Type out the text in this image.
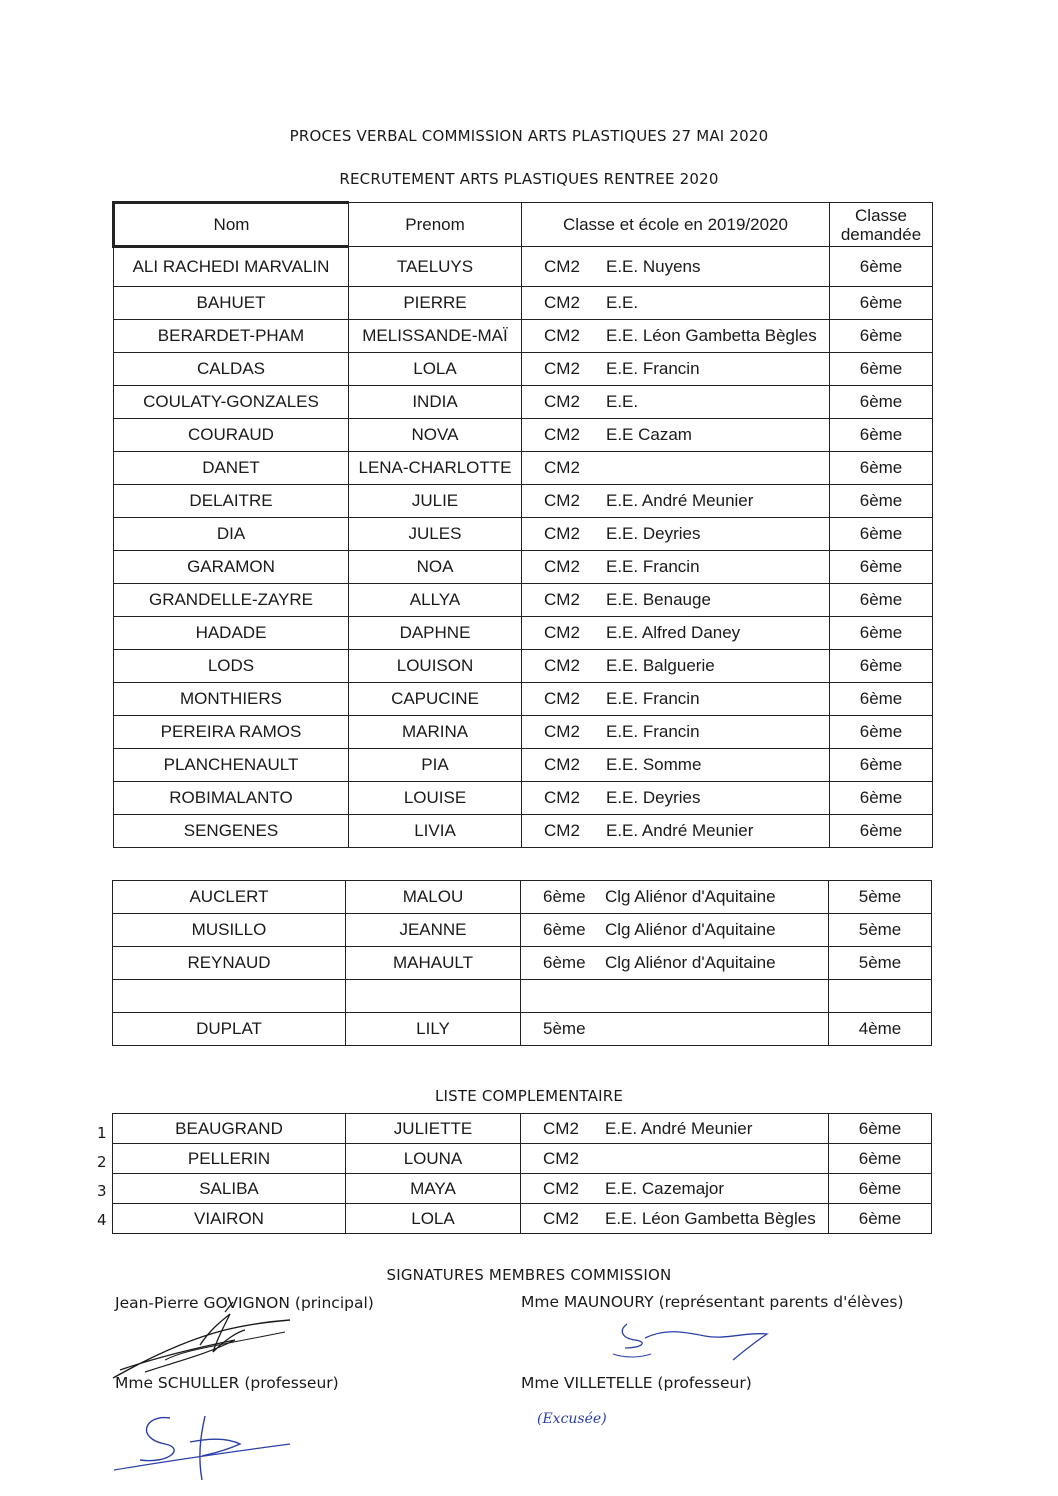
PROCES VERBAL COMMISSION ARTS PLASTIQUES 27 MAI 2020
RECRUTEMENT ARTS PLASTIQUES RENTREE 2020
Nom	Prenom	Classe et école en 2019/2020	Classe
demandée

ALI RACHEDI MARVALIN	TAELUYS	CM2 E.E. Nuyens	6ème
BAHUET	PIERRE	CM2 E.E.	6ème
BERARDET-PHAM	MELISSANDE-MAÏ	CM2 E.E. Léon Gambetta Bègles	6ème
CALDAS	LOLA	CM2 E.E. Francin	6ème
COULATY-GONZALES	INDIA	CM2 E.E.	6ème
COURAUD	NOVA	CM2 E.E Cazam	6ème
DANET	LENA-CHARLOTTE	CM2	6ème
DELAITRE	JULIE	CM2 E.E. André Meunier	6ème
DIA	JULES	CM2 E.E. Deyries	6ème
GARAMON	NOA	CM2 E.E. Francin	6ème
GRANDELLE-ZAYRE	ALLYA	CM2 E.E. Benauge	6ème
HADADE	DAPHNE	CM2 E.E. Alfred Daney	6ème
LODS	LOUISON	CM2 E.E. Balguerie	6ème
MONTHIERS	CAPUCINE	CM2 E.E. Francin	6ème
PEREIRA RAMOS	MARINA	CM2 E.E. Francin	6ème
PLANCHENAULT	PIA	CM2 E.E. Somme	6ème
ROBIMALANTO	LOUISE	CM2 E.E. Deyries	6ème
SENGENES	LIVIA	CM2 E.E. André Meunier	6ème
AUCLERT	MALOU	6ème Clg Aliénor d'Aquitaine	5ème
MUSILLO	JEANNE	6ème Clg Aliénor d'Aquitaine	5ème
REYNAUD	MAHAULT	6ème Clg Aliénor d'Aquitaine	5ème

DUPLAT	LILY	5ème	4ème
LISTE COMPLEMENTAIRE
BEAUGRAND	JULIETTE	CM2 E.E. André Meunier	6ème
PELLERIN	LOUNA	CM2	6ème
SALIBA	MAYA	CM2 E.E. Cazemajor	6ème
VIAIRON	LOLA	CM2 E.E. Léon Gambetta Bègles	6ème
1
2
3
4
SIGNATURES MEMBRES COMMISSION
Jean-Pierre GOVIGNON (principal)	Mme MAUNOURY (représentant parents d'élèves)
Mme SCHULLER (professeur)	Mme VILLETELLE (professeur)
(Excusée)
